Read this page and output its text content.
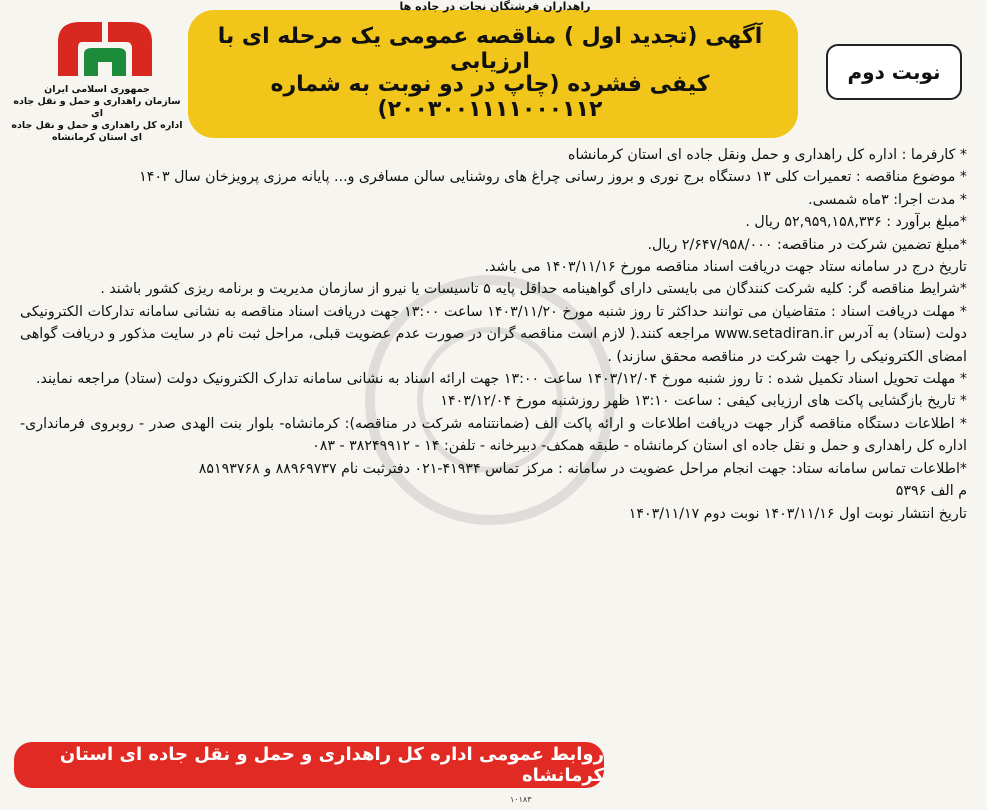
راهداران فرشتگان نجات در جاده ها
آگهی (تجدید اول ) مناقصه عمومی یک مرحله ای با ارزیابی
کیفی فشرده (چاپ در دو نوبت به شماره ۲۰۰۳۰۰۱۱۱۱۰۰۰۱۱۲)
نوبت دوم
جمهوری اسلامی ایران
سازمان راهداری و حمل و نقل جاده ای
اداره کل راهداری و حمل و نقل جاده ای استان کرمانشاه

* کارفرما : اداره کل راهداری و حمل ونقل جاده ای استان کرمانشاه

* موضوع مناقصه : تعمیرات کلی ۱۳ دستگاه برج نوری و بروز رسانی چراغ های روشنایی سالن مسافری و... پایانه مرزی پرویزخان سال ۱۴۰۳

* مدت اجرا: ۳ماه شمسی.

*مبلغ برآورد : ۵۲,۹۵۹,۱۵۸,۳۳۶ ریال .

*مبلغ تضمین شرکت در مناقصه: ۲/۶۴۷/۹۵۸/۰۰۰ ریال.

تاریخ درج در سامانه ستاد جهت دریافت اسناد مناقصه مورخ ۱۴۰۳/۱۱/۱۶ می باشد.

*شرایط مناقصه گر: کلیه شرکت کنندگان می بایستی دارای گواهینامه حداقل پایه ۵ تاسیسات یا نیرو از سازمان مدیریت و برنامه ریزی کشور باشند .

* مهلت دریافت اسناد : متقاضیان می توانند حداکثر تا روز شنبه مورخ ۱۴۰۳/۱۱/۲۰ ساعت ۱۳:۰۰ جهت دریافت اسناد مناقصه به نشانی سامانه تدارکات الکترونیکی دولت (ستاد) به آدرس www.setadiran.ir مراجعه کنند.( لازم است مناقصه گران در صورت عدم عضویت قبلی، مراحل ثبت نام در سایت مذکور و دریافت گواهی امضای الکترونیکی را جهت شرکت در مناقصه محقق سازند) .

* مهلت تحویل اسناد تکمیل شده : تا روز شنبه مورخ ۱۴۰۳/۱۲/۰۴ ساعت ۱۳:۰۰ جهت ارائه اسناد به نشانی سامانه تدارک الکترونیک دولت (ستاد) مراجعه نمایند.

* تاریخ بازگشایی پاکت های ارزیابی کیفی : ساعت ۱۳:۱۰ ظهر روزشنبه مورخ ۱۴۰۳/۱۲/۰۴

* اطلاعات دستگاه مناقصه گزار جهت دریافت اطلاعات و ارائه پاکت الف (ضمانتنامه شرکت در مناقصه): کرمانشاه- بلوار بنت الهدی صدر - روبروی فرمانداری- اداره کل راهداری و حمل و نقل جاده ای استان کرمانشاه - طبقه همکف- دبیرخانه - تلفن: ۱۴ - ۳۸۲۴۹۹۱۲ - ۰۸۳

*اطلاعات تماس سامانه ستاد: جهت انجام مراحل عضویت در سامانه : مرکز تماس ۴۱۹۳۴-۰۲۱ دفترثبت نام ۸۸۹۶۹۷۳۷ و ۸۵۱۹۳۷۶۸

م الف ۵۳۹۶

تاریخ انتشار نوبت اول ۱۴۰۳/۱۱/۱۶ نوبت دوم ۱۴۰۳/۱۱/۱۷

روابط عمومی اداره کل راهداری و حمل و نقل جاده ای استان کرمانشاه
۱۰۱۸۳
